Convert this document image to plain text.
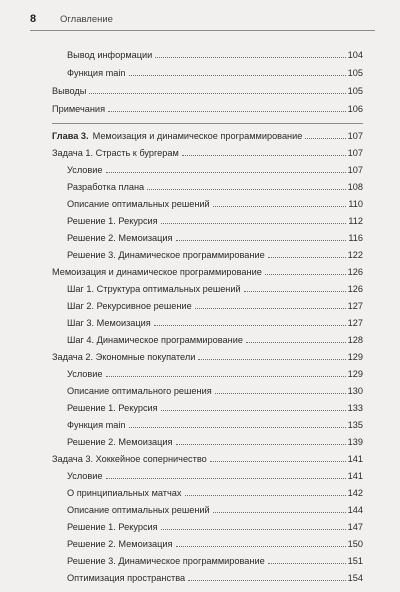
8	Оглавление
Вывод информации	104
Функция main	105
Выводы	105
Примечания	106
Глава 3. Мемоизация и динамическое программирование	107
Задача 1. Страсть к бургерам	107
Условие	107
Разработка плана	108
Описание оптимальных решений	110
Решение 1. Рекурсия	112
Решение 2. Мемоизация	116
Решение 3. Динамическое программирование	122
Мемоизация и динамическое программирование	126
Шаг 1. Структура оптимальных решений	126
Шаг 2. Рекурсивное решение	127
Шаг 3. Мемоизация	127
Шаг 4. Динамическое программирование	128
Задача 2. Экономные покупатели	129
Условие	129
Описание оптимального решения	130
Решение 1. Рекурсия	133
Функция main	135
Решение 2. Мемоизация	139
Задача 3. Хоккейное соперничество	141
Условие	141
О принципиальных матчах	142
Описание оптимальных решений	144
Решение 1. Рекурсия	147
Решение 2. Мемоизация	150
Решение 3. Динамическое программирование	151
Оптимизация пространства	154
